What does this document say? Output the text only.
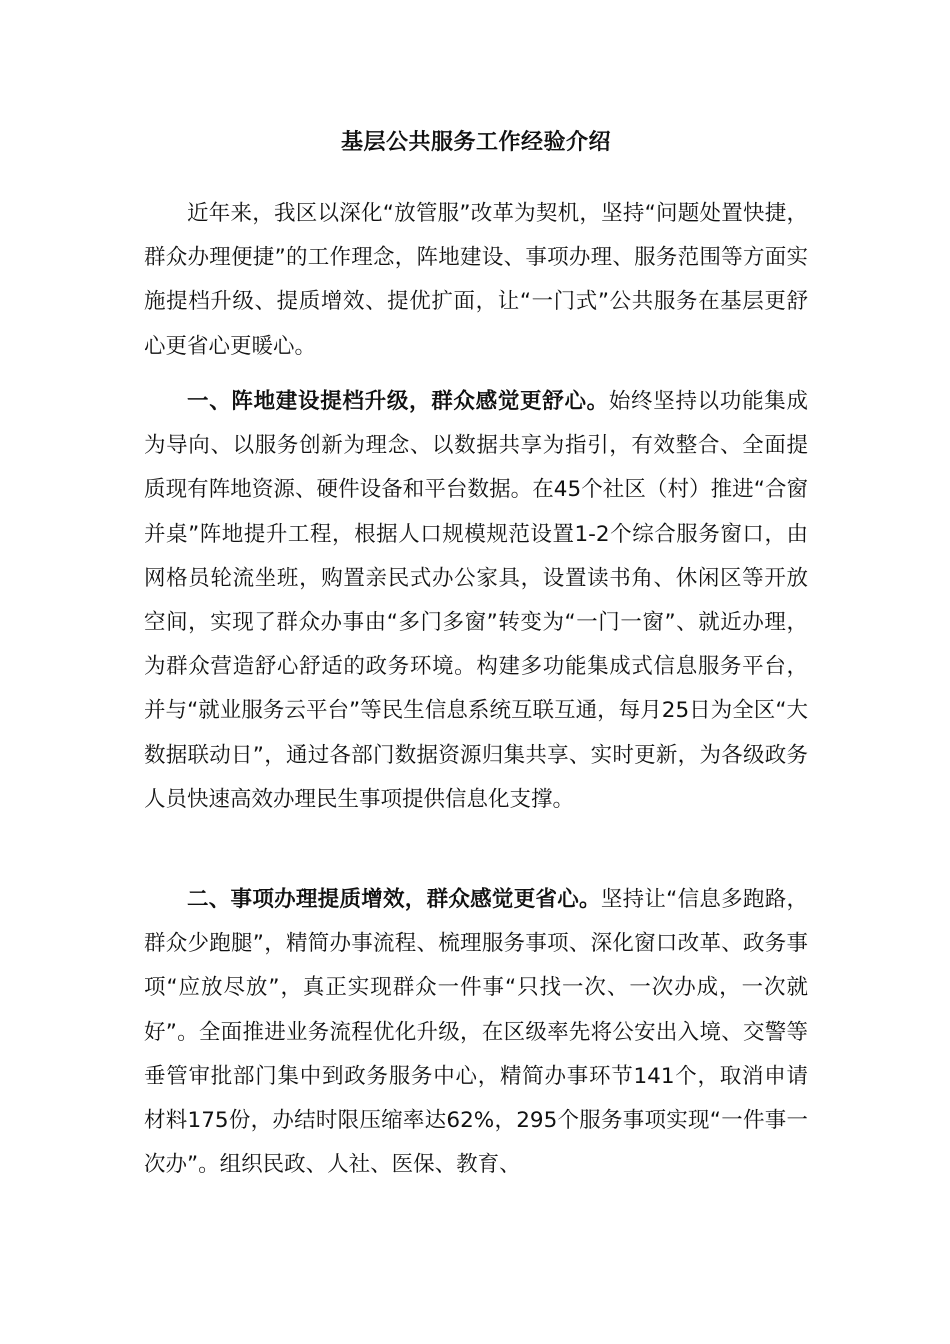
基层公共服务工作经验介绍

近年来，我区以深化“放管服”改革为契机，坚持“问题处置快捷，群众办理便捷”的工作理念，阵地建设、事项办理、服务范围等方面实施提档升级、提质增效、提优扩面，让“一门式”公共服务在基层更舒心更省心更暖心。

一、阵地建设提档升级，群众感觉更舒心。始终坚持以功能集成为导向、以服务创新为理念、以数据共享为指引，有效整合、全面提质现有阵地资源、硬件设备和平台数据。在45个社区（村）推进“合窗并桌”阵地提升工程，根据人口规模规范设置1-2个综合服务窗口，由网格员轮流坐班，购置亲民式办公家具，设置读书角、休闲区等开放空间，实现了群众办事由“多门多窗”转变为“一门一窗”、就近办理，为群众营造舒心舒适的政务环境。构建多功能集成式信息服务平台，并与“就业服务云平台”等民生信息系统互联互通，每月25日为全区“大数据联动日”，通过各部门数据资源归集共享、实时更新，为各级政务人员快速高效办理民生事项提供信息化支撑。

二、事项办理提质增效，群众感觉更省心。坚持让“信息多跑路，群众少跑腿”，精简办事流程、梳理服务事项、深化窗口改革、政务事项“应放尽放”，真正实现群众一件事“只找一次、一次办成，一次就好”。全面推进业务流程优化升级，在区级率先将公安出入境、交警等垂管审批部门集中到政务服务中心，精简办事环节141个，取消申请材料175份，办结时限压缩率达62%，295个服务事项实现“一件事一次办”。组织民政、人社、医保、教育、
